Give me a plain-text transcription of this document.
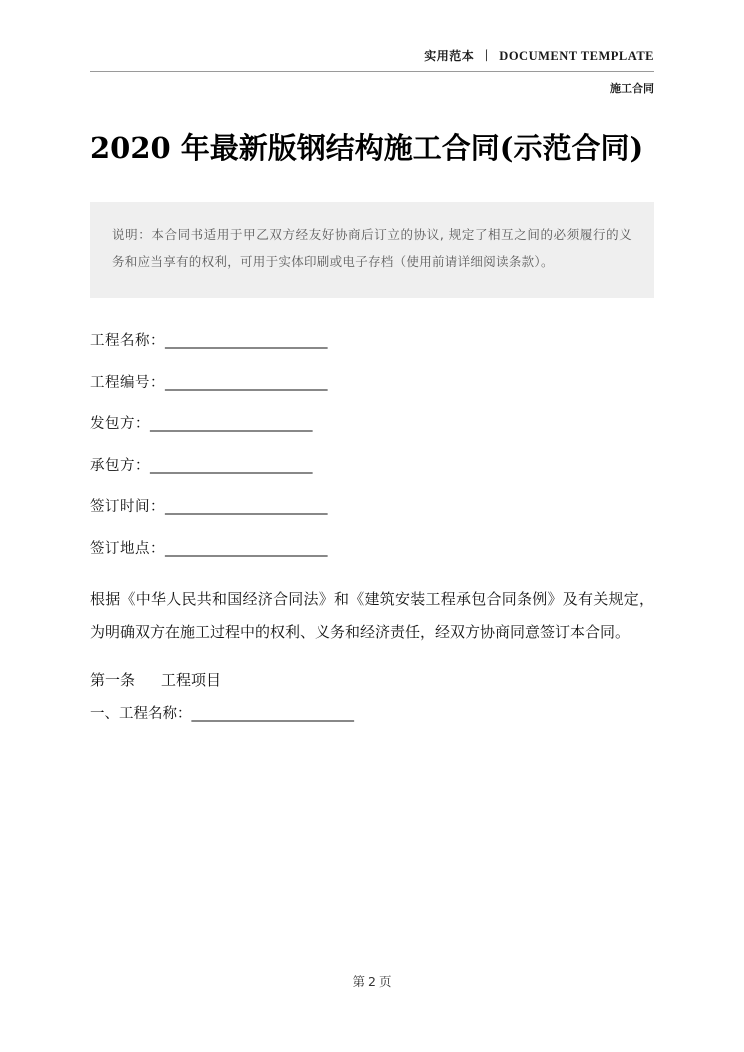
实用范本 丨 DOCUMENT TEMPLATE
施工合同
2020 年最新版钢结构施工合同(示范合同)
说明：本合同书适用于甲乙双方经友好协商后订立的协议, 规定了相互之间的必须履行的义务和应当享有的权利，可用于实体印刷或电子存档（使用前请详细阅读条款）。
工程名称：________________________
工程编号：________________________
发包方：________________________
承包方：________________________
签订时间：________________________
签订地点：________________________

根据《中华人民共和国经济合同法》和《建筑安装工程承包合同条例》及有关规定，为明确双方在施工过程中的权利、义务和经济责任，经双方协商同意签订本合同。

第一条 工程项目
一、工程名称：________________________
第 2 页
